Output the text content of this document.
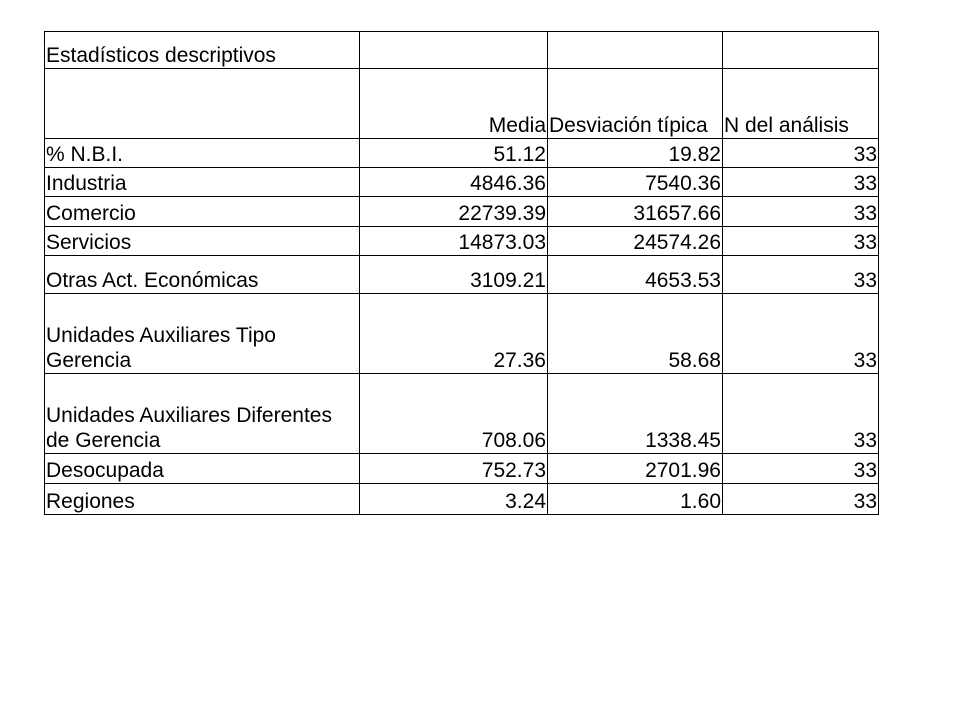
Estadísticos descriptivos			
	Media	Desviación típica	N del análisis
% N.B.I.	51.12	19.82	33
Industria	4846.36	7540.36	33
Comercio	22739.39	31657.66	33
Servicios	14873.03	24574.26	33
Otras Act. Económicas	3109.21	4653.53	33
Unidades Auxiliares Tipo Gerencia	27.36	58.68	33
Unidades Auxiliares Diferentes de Gerencia	708.06	1338.45	33
Desocupada	752.73	2701.96	33
Regiones	3.24	1.60	33
